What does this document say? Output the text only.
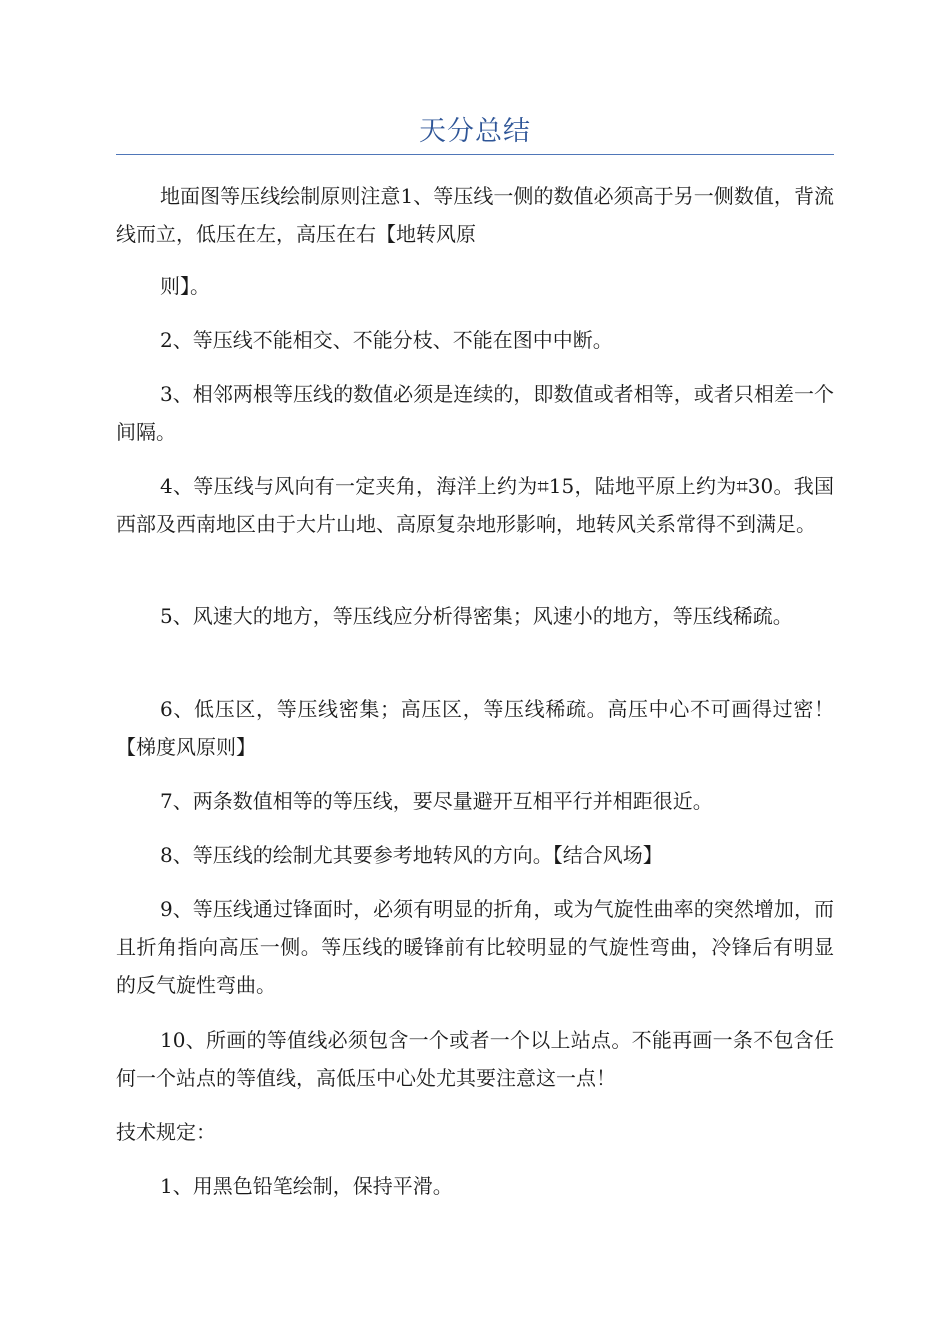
天分总结

地面图等压线绘制原则注意1、等压线一侧的数值必须高于另一侧数值，背流线而立，低压在左，高压在右【地转风原

则】。

2、等压线不能相交、不能分枝、不能在图中中断。

3、相邻两根等压线的数值必须是连续的，即数值或者相等，或者只相差一个间隔。

4、等压线与风向有一定夹角，海洋上约为⌗15，陆地平原上约为⌗30。我国西部及西南地区由于大片山地、高原复杂地形影响，地转风关系常得不到满足。

5、风速大的地方，等压线应分析得密集；风速小的地方，等压线稀疏。

6、低压区，等压线密集；高压区，等压线稀疏。高压中心不可画得过密！【梯度风原则】

7、两条数值相等的等压线，要尽量避开互相平行并相距很近。

8、等压线的绘制尤其要参考地转风的方向。【结合风场】

9、等压线通过锋面时，必须有明显的折角，或为气旋性曲率的突然增加，而且折角指向高压一侧。等压线的暖锋前有比较明显的气旋性弯曲，冷锋后有明显的反气旋性弯曲。

10、所画的等值线必须包含一个或者一个以上站点。不能再画一条不包含任何一个站点的等值线，高低压中心处尤其要注意这一点！

技术规定：

1、用黑色铅笔绘制，保持平滑。
